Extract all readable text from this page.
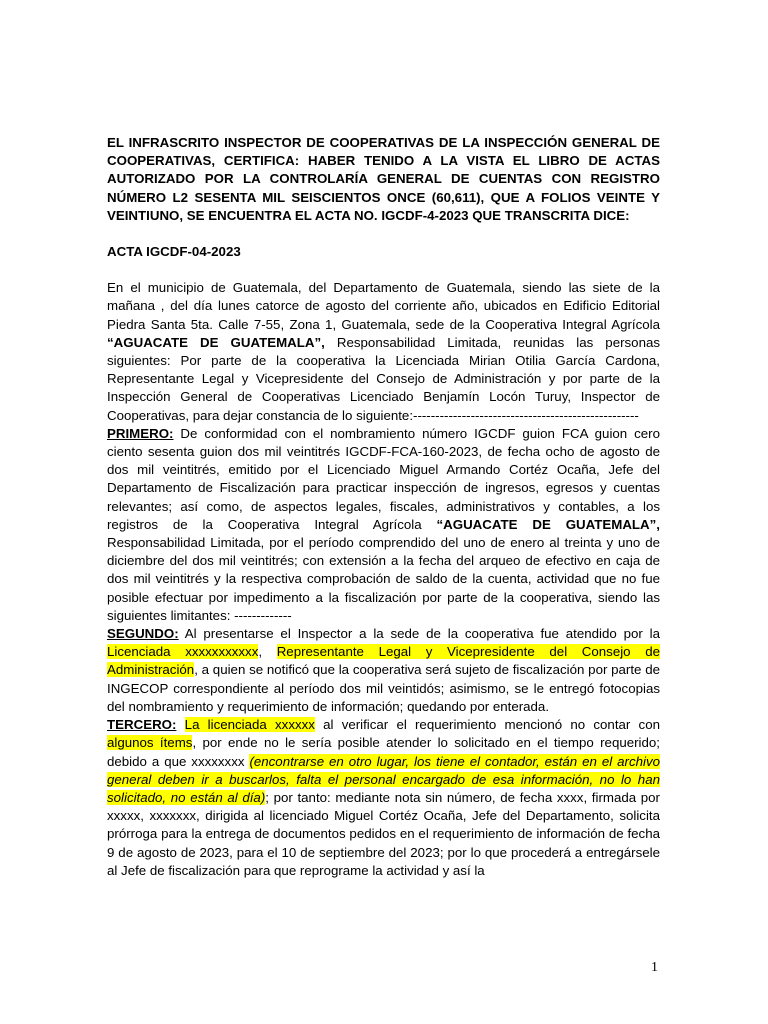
EL INFRASCRITO INSPECTOR DE COOPERATIVAS DE LA INSPECCIÓN GENERAL DE COOPERATIVAS, CERTIFICA: HABER TENIDO A LA VISTA EL LIBRO DE ACTAS AUTORIZADO POR LA CONTROLARÍA GENERAL DE CUENTAS CON REGISTRO NÚMERO L2 SESENTA MIL SEISCIENTOS ONCE (60,611), QUE A FOLIOS VEINTE Y VEINTIUNO, SE ENCUENTRA EL ACTA NO. IGCDF-4-2023 QUE TRANSCRITA DICE:

ACTA IGCDF-04-2023

En el municipio de Guatemala, del Departamento de Guatemala, siendo las siete de la mañana , del día lunes catorce de agosto del corriente año, ubicados en Edificio Editorial Piedra Santa 5ta. Calle 7-55, Zona 1, Guatemala, sede de la Cooperativa Integral Agrícola “AGUACATE DE GUATEMALA”, Responsabilidad Limitada, reunidas las personas siguientes: Por parte de la cooperativa la Licenciada Mirian Otilia García Cardona, Representante Legal y Vicepresidente del Consejo de Administración y por parte de la Inspección General de Cooperativas Licenciado Benjamín Locón Turuy, Inspector de Cooperativas, para dejar constancia de lo siguiente:---------------------------------------------------

PRIMERO: De conformidad con el nombramiento número IGCDF guion FCA guion cero ciento sesenta guion dos mil veintitrés IGCDF-FCA-160-2023, de fecha ocho de agosto de dos mil veintitrés, emitido por el Licenciado Miguel Armando Cortéz Ocaña, Jefe del Departamento de Fiscalización para practicar inspección de ingresos, egresos y cuentas relevantes; así como, de aspectos legales, fiscales, administrativos y contables, a los registros de la Cooperativa Integral Agrícola “AGUACATE DE GUATEMALA”, Responsabilidad Limitada, por el período comprendido del uno de enero al treinta y uno de diciembre del dos mil veintitrés; con extensión a la fecha del arqueo de efectivo en caja de dos mil veintitrés y la respectiva comprobación de saldo de la cuenta, actividad que no fue posible efectuar por impedimento a la fiscalización por parte de la cooperativa, siendo las siguientes limitantes: -------------

SEGUNDO: Al presentarse el Inspector a la sede de la cooperativa fue atendido por la Licenciada xxxxxxxxxxx, Representante Legal y Vicepresidente del Consejo de Administración, a quien se notificó que la cooperativa será sujeto de fiscalización por parte de INGECOP correspondiente al período dos mil veintidós; asimismo, se le entregó fotocopias del nombramiento y requerimiento de información; quedando por enterada.

TERCERO: La licenciada xxxxxx al verificar el requerimiento mencionó no contar con algunos ítems, por ende no le sería posible atender lo solicitado en el tiempo requerido; debido a que xxxxxxxx (encontrarse en otro lugar, los tiene el contador, están en el archivo general deben ir a buscarlos, falta el personal encargado de esa información, no lo han solicitado, no están al día); por tanto: mediante nota sin número, de fecha xxxx, firmada por xxxxx, xxxxxxx, dirigida al licenciado Miguel Cortéz Ocaña, Jefe del Departamento, solicita prórroga para la entrega de documentos pedidos en el requerimiento de información de fecha 9 de agosto de 2023, para el 10 de septiembre del 2023; por lo que procederá a entregársele al Jefe de fiscalización para que reprograme la actividad y así la

1
